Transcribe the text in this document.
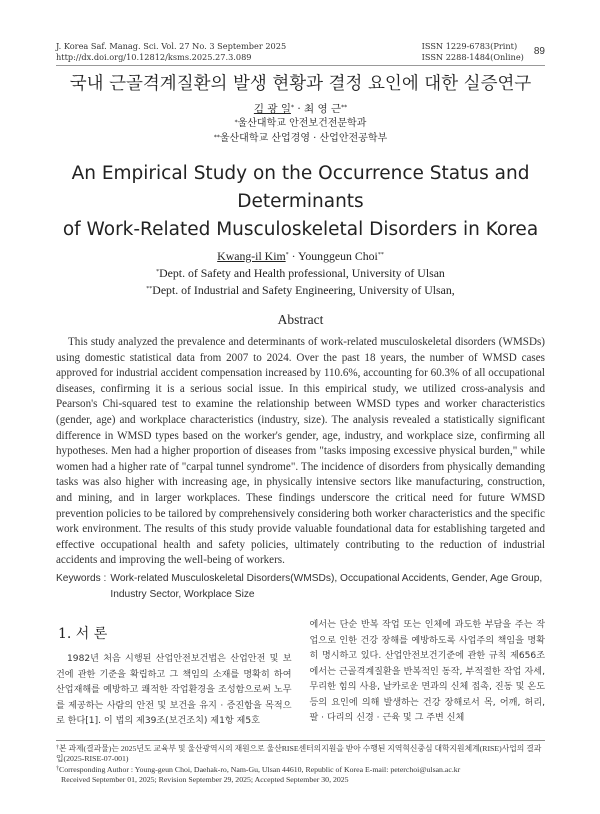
J. Korea Saf. Manag. Sci. Vol. 27 No. 3 September 2025
http://dx.doi.org/10.12812/ksms.2025.27.3.089
ISSN 1229-6783(Print)
ISSN 2288-1484(Online) 89
국내 근골격계질환의 발생 현황과 결정 요인에 대한 실증연구
김 광 일* · 최 영 근**
*울산대학교 안전보건전문학과
**울산대학교 산업경영 · 산업안전공학부
An Empirical Study on the Occurrence Status and Determinants
of Work-Related Musculoskeletal Disorders in Korea
Kwang-il Kim* · Younggeun Choi**
*Dept. of Safety and Health professional, University of Ulsan
**Dept. of Industrial and Safety Engineering, University of Ulsan,
Abstract
This study analyzed the prevalence and determinants of work-related musculoskeletal disorders (WMSDs) using domestic statistical data from 2007 to 2024. Over the past 18 years, the number of WMSD cases approved for industrial accident compensation increased by 110.6%, accounting for 60.3% of all occupational diseases, confirming it is a serious social issue. In this empirical study, we utilized cross-analysis and Pearson's Chi-squared test to examine the relationship between WMSD types and worker characteristics (gender, age) and workplace characteristics (industry, size). The analysis revealed a statistically significant difference in WMSD types based on the worker's gender, age, industry, and workplace size, confirming all hypotheses. Men had a higher proportion of diseases from "tasks imposing excessive physical burden," while women had a higher rate of "carpal tunnel syndrome". The incidence of disorders from physically demanding tasks was also higher with increasing age, in physically intensive sectors like manufacturing, construction, and mining, and in larger workplaces. These findings underscore the critical need for future WMSD prevention policies to be tailored by comprehensively considering both worker characteristics and the specific work environment. The results of this study provide valuable foundational data for establishing targeted and effective occupational health and safety policies, ultimately contributing to the reduction of industrial accidents and improving the well-being of workers.
Keywords : Work-related Musculoskeletal Disorders(WMSDs), Occupational Accidents, Gender, Age Group, Industry Sector, Workplace Size
1. 서 론
1982년 처음 시행된 산업안전보건법은 산업안전 및 보건에 관한 기준을 확립하고 그 책임의 소재를 명확히 하여 산업재해를 예방하고 쾌적한 작업환경을 조성함으로써 노무를 제공하는 사람의 안전 및 보건을 유지 · 증진함을 목적으로 한다[1]. 이 법의 제39조(보건조치) 제1항 제5호
에서는 단순 반복 작업 또는 인체에 과도한 부담을 주는 작업으로 인한 건강 장해를 예방하도록 사업주의 책임을 명확히 명시하고 있다. 산업안전보건기준에 관한 규칙 제656조에서는 근골격계질환을 반복적인 동작, 부적절한 작업 자세, 무리한 힘의 사용, 날카로운 면과의 신체 접촉, 진동 및 온도 등의 요인에 의해 발생하는 건강 장해로서 목, 어깨, 허리, 팔 · 다리의 신경 · 근육 및 그 주변 신체
†본 과제(결과물)는 2025년도 교육부 및 울산광역시의 재원으로 울산RISE센터의지원을 받아 수행된 지역혁신중심 대학지원체계(RISE)사업의 결과입(2025-RISE-07-001)
†Corresponding Author : Young-geun Choi, Daehak-ro, Nam-Gu, Ulsan 44610, Republic of Korea E-mail: peterchoi@ulsan.ac.kr
Received September 01, 2025; Revision September 29, 2025; Accepted September 30, 2025
